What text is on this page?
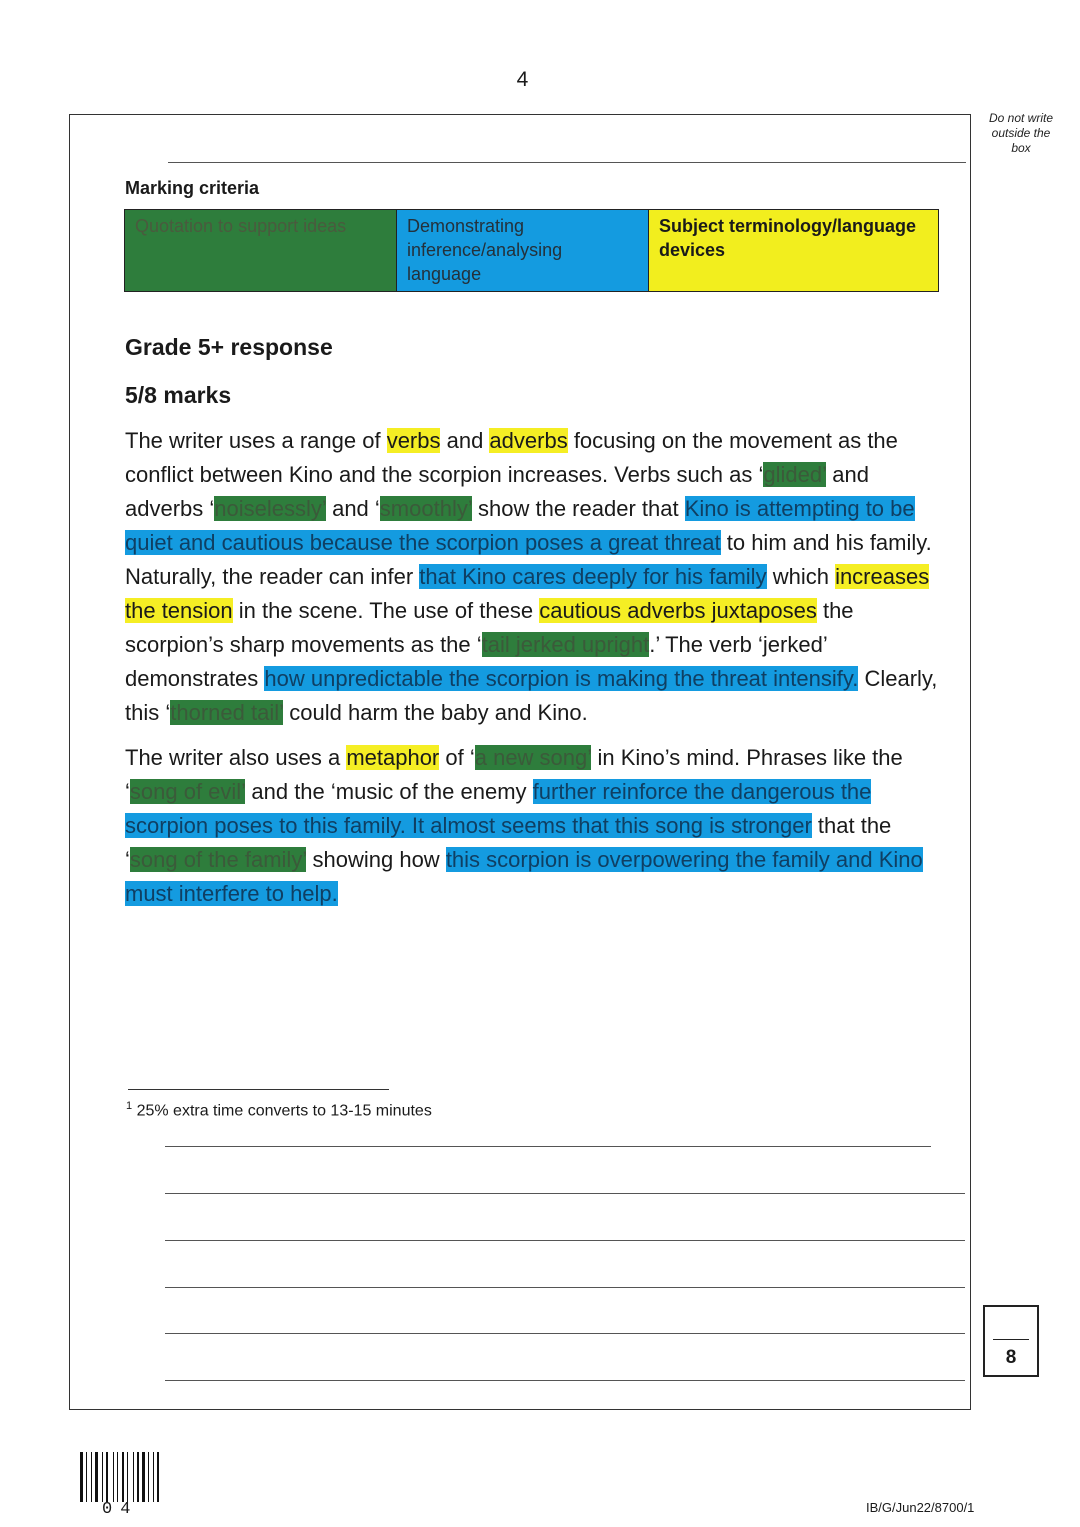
4
Do not write outside the box
Marking criteria
Quotation to support ideas	Demonstrating inference/analysing language
Subject terminology/language devices
Grade 5+ response
5/8 marks
The writer uses a range of verbs and adverbs focusing on the movement as the conflict between Kino and the scorpion increases. Verbs such as ‘glided’ and adverbs ‘noiselessly’ and ‘smoothly’ show the reader that Kino is attempting to be quiet and cautious because the scorpion poses a great threat to him and his family. Naturally, the reader can infer that Kino cares deeply for his family which increases the tension in the scene. The use of these cautious adverbs juxtaposes the scorpion’s sharp movements as the ‘tail jerked upright.’ The verb ‘jerked’ demonstrates how unpredictable the scorpion is making the threat intensify. Clearly, this ‘thorned tail’ could harm the baby and Kino.
The writer also uses a metaphor of ‘a new song’ in Kino’s mind. Phrases like the ‘song of evil’ and the ‘music of the enemy further reinforce the dangerous the scorpion poses to this family. It almost seems that this song is stronger that the ‘song of the family’ showing how this scorpion is overpowering the family and Kino must interfere to help.
$^1$ 25% extra time converts to 13-15 minutes
8
04	IB/G/Jun22/8700/1
